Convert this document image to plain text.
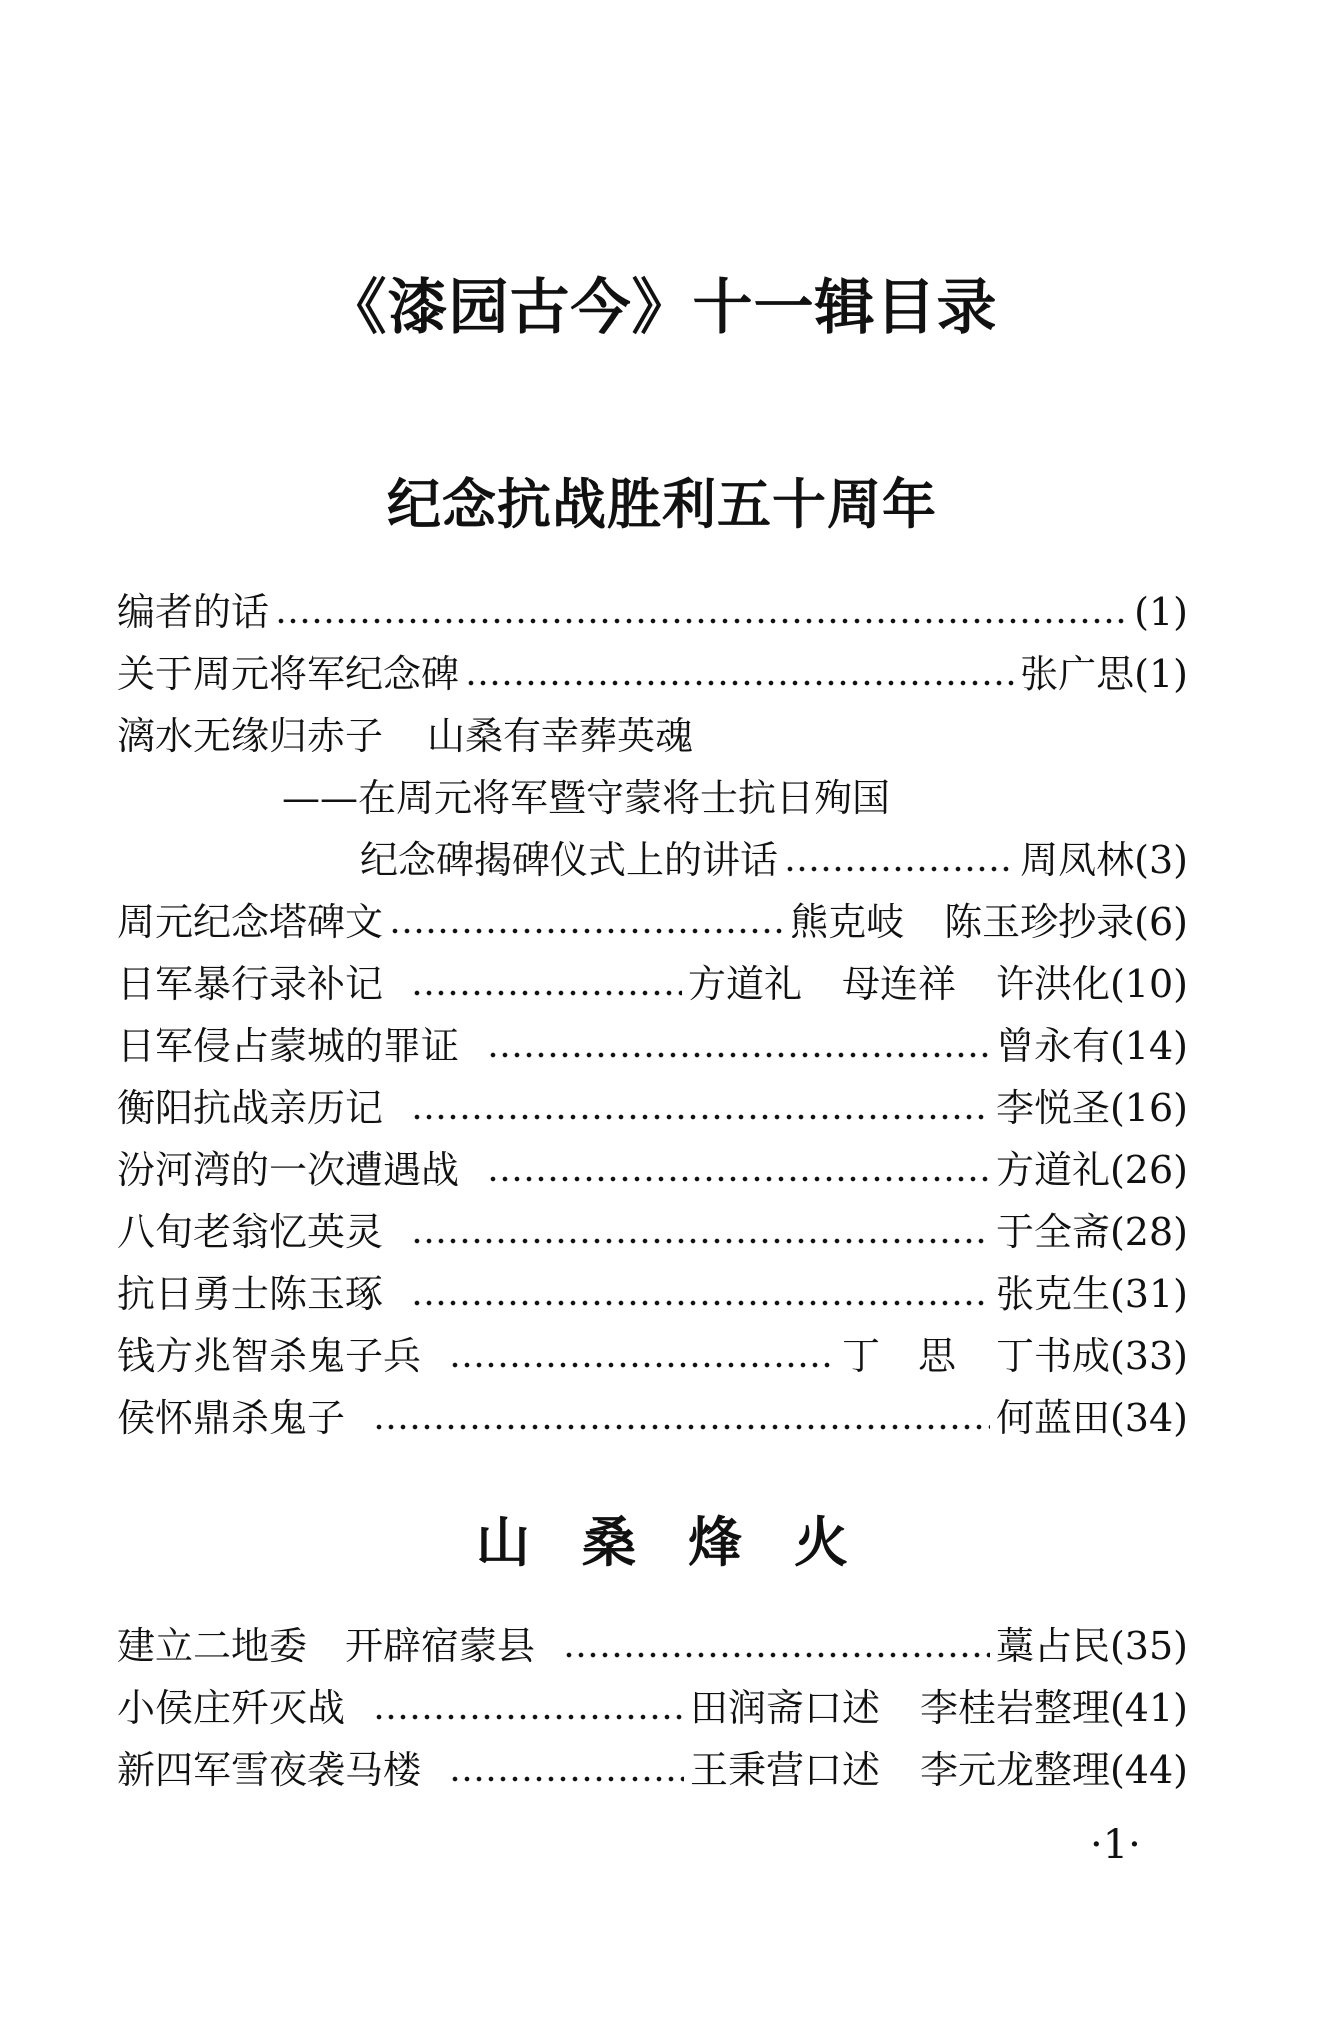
《漆园古今》十一辑目录
纪念抗战胜利五十周年
编者的话	(1)
关于周元将军纪念碑	张广思 (1)
漓水无缘归赤子 山桑有幸葬英魂
——在周元将军暨守蒙将士抗日殉国
纪念碑揭碑仪式上的讲话	周凤林 (3)
周元纪念塔碑文	熊克岐 陈玉珍抄录 (6)
日军暴行录补记	方道礼 母连祥 许洪化 (10)
日军侵占蒙城的罪证	曾永有 (14)
衡阳抗战亲历记	李悦圣 (16)
汾河湾的一次遭遇战	方道礼 (26)
八旬老翁忆英灵	于全斋 (28)
抗日勇士陈玉琢	张克生 (31)
钱方兆智杀鬼子兵	丁　思 丁书成 (33)
侯怀鼎杀鬼子	何蓝田 (34)
山桑烽火
建立二地委　开辟宿蒙县	藁占民 (35)
小侯庄歼灭战	田润斋口述 李桂岩整理 (41)
新四军雪夜袭马楼	王秉营口述 李元龙整理 (44)
·1·
